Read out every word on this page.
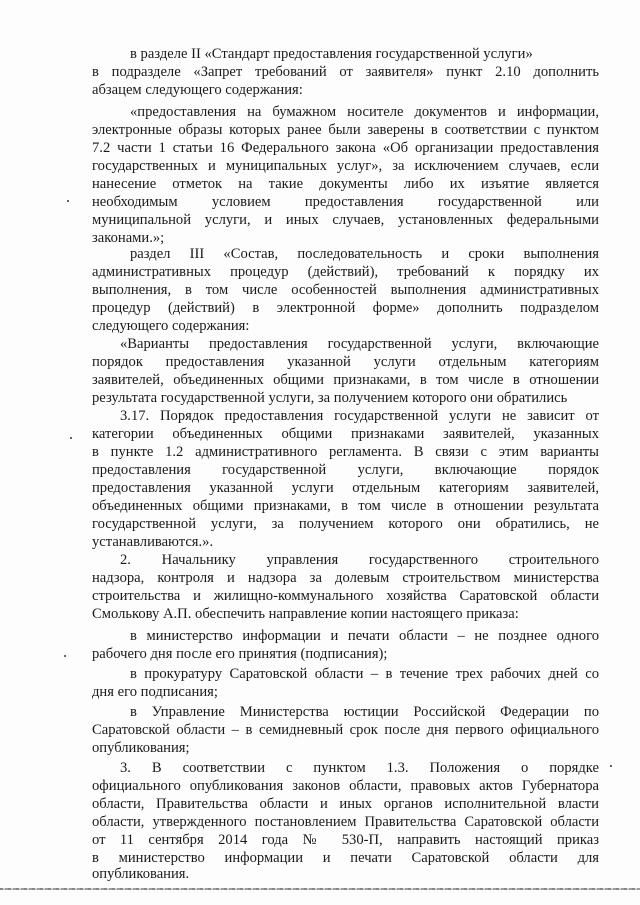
в разделе II «Стандарт предоставления государственной услуги»
в подразделе «Запрет требований от заявителя» пункт 2.10 дополнить
абзацем следующего содержания:
«предоставления на бумажном носителе документов и информации,
электронные образы которых ранее были заверены в соответствии с пунктом
7.2 части 1 статьи 16 Федерального закона «Об организации предоставления
государственных и муниципальных услуг», за исключением случаев, если
нанесение отметок на такие документы либо их изъятие является
необходимым условием предоставления государственной или
муниципальной услуги, и иных случаев, установленных федеральными
законами.»;
раздел III «Состав, последовательность и сроки выполнения
административных процедур (действий), требований к порядку их
выполнения, в том числе особенностей выполнения административных
процедур (действий) в электронной форме» дополнить подразделом
следующего содержания:
«Варианты предоставления государственной услуги, включающие
порядок предоставления указанной услуги отдельным категориям
заявителей, объединенных общими признаками, в том числе в отношении
результата государственной услуги, за получением которого они обратились
3.17. Порядок предоставления государственной услуги не зависит от
категории объединенных общими признаками заявителей, указанных
в пункте 1.2 административного регламента. В связи с этим варианты
предоставления государственной услуги, включающие порядок
предоставления указанной услуги отдельным категориям заявителей,
объединенных общими признаками, в том числе в отношении результата
государственной услуги, за получением которого они обратились, не
устанавливаются.».
2. Начальнику управления государственного строительного
надзора, контроля и надзора за долевым строительством министерства
строительства и жилищно-коммунального хозяйства Саратовской области
Смолькову А.П. обеспечить направление копии настоящего приказа:
в министерство информации и печати области – не позднее одного
рабочего дня после его принятия (подписания);
в прокуратуру Саратовской области – в течение трех рабочих дней со
дня его подписания;
в Управление Министерства юстиции Российской Федерации по
Саратовской области – в семидневный срок после дня первого официального
опубликования;
3. В соответствии с пунктом 1.3. Положения о порядке
официального опубликования законов области, правовых актов Губернатора
области, Правительства области и иных органов исполнительной власти
области, утвержденного постановлением Правительства Саратовской области
от 11 сентября 2014 года № 530-П, направить настоящий приказ
в министерство информации и печати Саратовской области для
опубликования.
